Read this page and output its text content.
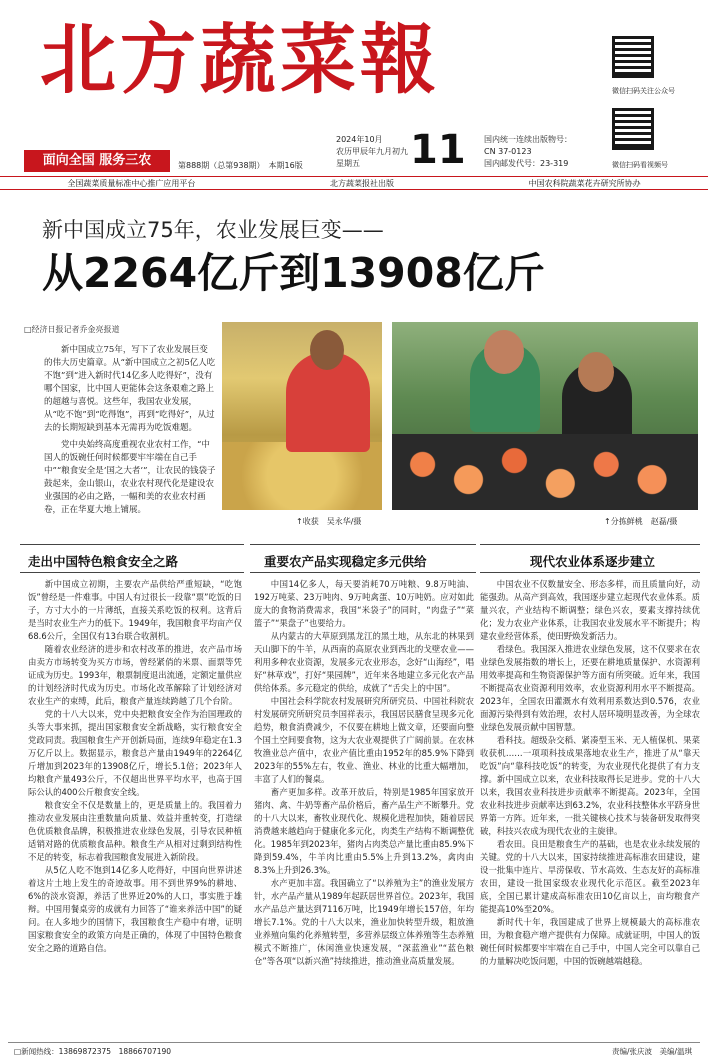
北方蔬菜報	微信扫码关注公众号
微信扫码看视频号
面向全国 服务三农	第888期（总第938期）　本期16版
2024年10月
农历甲辰年九月初九
星期五	11 国内统一连续出版物号：
CN 37-0123
国内邮发代号：23-319
全国蔬菜质量标准中心推广应用平台	北方蔬菜报社出版	中国农科院蔬菜花卉研究所协办
新中国成立75年，农业发展巨变——
从2264亿斤到13908亿斤
□经济日报记者乔金亮报道

新中国成立75年，写下了农业发展巨变的伟大历史篇章。从“新中国成立之初5亿人吃不饱”到“进入新时代14亿多人吃得好”，没有哪个国家，比中国人更能体会这条艰难之路上的超越与喜悦。这些年，我国农业发展，从“吃不饱”到“吃得饱”，再到“吃得好”，从过去的长期短缺到基本无需再为吃饭难题。

党中央始终高度重视农业农村工作，“中国人的饭碗任何时候都要牢牢端在自己手中”“粮食安全是‘国之大者’”，让农民的钱袋子鼓起来，金山银山，农业农村现代化是建设农业强国的必由之路，一幅和美的农业农村画卷，正在华夏大地上铺展。

↑收获　吴永华/摄	↑分拣鲜桃　赵磊/摄
走出中国特色粮食安全之路	重要农产品实现稳定多元供给	现代农业体系逐步建立

新中国成立初期，主要农产品供给严重短缺，“吃饱饭”曾经是一件难事。中国人有过很长一段靠“票”吃饭的日子，方寸大小的一片薄纸，直接关系吃饭的权利。这背后是当时农业生产力的低下。1949年，我国粮食平均亩产仅68.6公斤，全国仅有13台联合收割机。

随着农业经济的进步和农村改革的推进，农产品市场由卖方市场转变为买方市场，曾经紧俏的米票、面票等凭证成为历史。1993年，粮票制度退出流通，定额定量供应的计划经济时代成为历史。市场化改革解除了计划经济对农业生产的束缚，此后，粮食产量连续跨越了几个台阶。

党的十八大以来，党中央把粮食安全作为治国理政的头等大事来抓，提出国家粮食安全新战略，实行粮食安全党政同责。我国粮食生产开创新局面，连续9年稳定在1.3万亿斤以上。数据显示，粮食总产量由1949年的2264亿斤增加到2023年的13908亿斤，增长5.1倍；2023年人均粮食产量493公斤，不仅超出世界平均水平，也高于国际公认的400公斤粮食安全线。

粮食安全不仅是数量上的，更是质量上的。我国着力推动农业发展由注重数量向质量、效益并重转变，打造绿色优质粮食品牌，积极推进农业绿色发展，引导农民种植适销对路的优质粮食品种。粮食生产从相对过剩到结构性不足的转变，标志着我国粮食发展进入新阶段。

从5亿人吃不饱到14亿多人吃得好，中国向世界讲述着这片土地上发生的奇迹故事。用不到世界9%的耕地、6%的淡水资源，养活了世界近20%的人口，事实胜于雄辩。中国用餐桌旁的成就有力回答了“谁来养活中国”的疑问。在人多地少的国情下，我国粮食生产稳中有增，证明国家粮食安全的政策方向是正确的，体现了中国特色粮食安全之路的道路自信。

中国14亿多人，每天要消耗70万吨粮、9.8万吨油、192万吨菜、23万吨肉、9万吨禽蛋、10万吨奶。应对如此庞大的食物消费需求，我国“米袋子”的同时，“肉盘子”“菜篮子”“果盘子”也要给力。

从内蒙古的大草原到黑龙江的黑土地，从东北的林果到天山脚下的牛羊，从西南的高原农业到西北的戈壁农业——利用多种农业资源，发展多元农业形态，念好“山海经”，唱好“林草戏”，打好“果园牌”，近年来各地建立多元化农产品供给体系。多元稳定的供给，成就了“舌尖上的中国”。

中国社会科学院农村发展研究所研究员、中国社科院农村发展研究所研究员李国祥表示，我国居民膳食呈现多元化趋势，粮食消费减少，不仅要在耕地上做文章，还要面向整个国土空间要食物，这为大农业观提供了广阔前景。在农林牧渔业总产值中，农业产值比重由1952年的85.9%下降到2023年的55%左右，牧业、渔业、林业的比重大幅增加，丰富了人们的餐桌。

畜产更加多样。改革开放后，特别是1985年国家放开猪肉、禽、牛奶等畜产品价格后，畜产品生产不断攀升。党的十八大以来，畜牧业现代化、规模化进程加快，随着居民消费越来越趋向于健康化多元化，肉类生产结构不断调整优化。1985年到2023年，猪肉占肉类总产量比重由85.9%下降到59.4%，牛羊肉比重由5.5%上升到13.2%，禽肉由8.3%上升到26.3%。

水产更加丰富。我国确立了“以养殖为主”的渔业发展方针，水产品产量从1989年起跃居世界首位。2023年，我国水产品总产量达到7116万吨，比1949年增长157倍，年均增长7.1%。党的十八大以来，渔业加快转型升级，粗放渔业养殖向集约化养殖转型，多营养层级立体养殖等生态养殖模式不断推广，休闲渔业快速发展，“深蓝渔业”“蓝色粮仓”等各项“以新兴渔”持续推进，推动渔业高质量发展。

中国农业不仅数量安全、形态多样，而且质量向好，动能强劲。从高产到高效，我国逐步建立起现代农业体系。质量兴农，产业结构不断调整；绿色兴农，要素支撑持续优化；发力农业产业体系，让我国农业发展水平不断提升；构建农业经营体系，使田野焕发新活力。

看绿色。我国深入推进农业绿色发展，这不仅要求在农业绿色发展指数的增长上，还要在耕地质量保护、水资源利用效率提高和生物资源保护等方面有所突破。近年来，我国不断提高农业资源利用效率，农业资源利用水平不断提高。2023年，全国农田灌溉水有效利用系数达到0.576，农业面源污染得到有效治理，农村人居环境明显改善，为全球农业绿色发展贡献中国智慧。

看科技。超级杂交稻、紧凑型玉米、无人植保机、果菜收获机……一项项科技成果落地农业生产，推进了从“靠天吃饭”向“靠科技吃饭”的转变，为农业现代化提供了有力支撑。新中国成立以来，农业科技取得长足进步。党的十八大以来，我国农业科技进步贡献率不断提高。2023年，全国农业科技进步贡献率达到63.2%，农业科技整体水平跻身世界第一方阵。近年来，一批关键核心技术与装备研发取得突破，科技兴农成为现代农业的主旋律。

看农田。良田是粮食生产的基础，也是农业永续发展的关键。党的十八大以来，国家持续推进高标准农田建设，建设一批集中连片、旱涝保收、节水高效、生态友好的高标准农田，建设一批国家级农业现代化示范区。截至2023年底，全国已累计建成高标准农田10亿亩以上，亩均粮食产能提高10%至20%。

新时代十年，我国建成了世界上规模最大的高标准农田，为粮食稳产增产提供有力保障。成就证明，中国人的饭碗任何时候都要牢牢端在自己手中，中国人完全可以靠自己的力量解决吃饭问题，中国的饭碗越端越稳。

□新闻热线：13869872375　18866707190	责编/张庆波　美编/温琪
